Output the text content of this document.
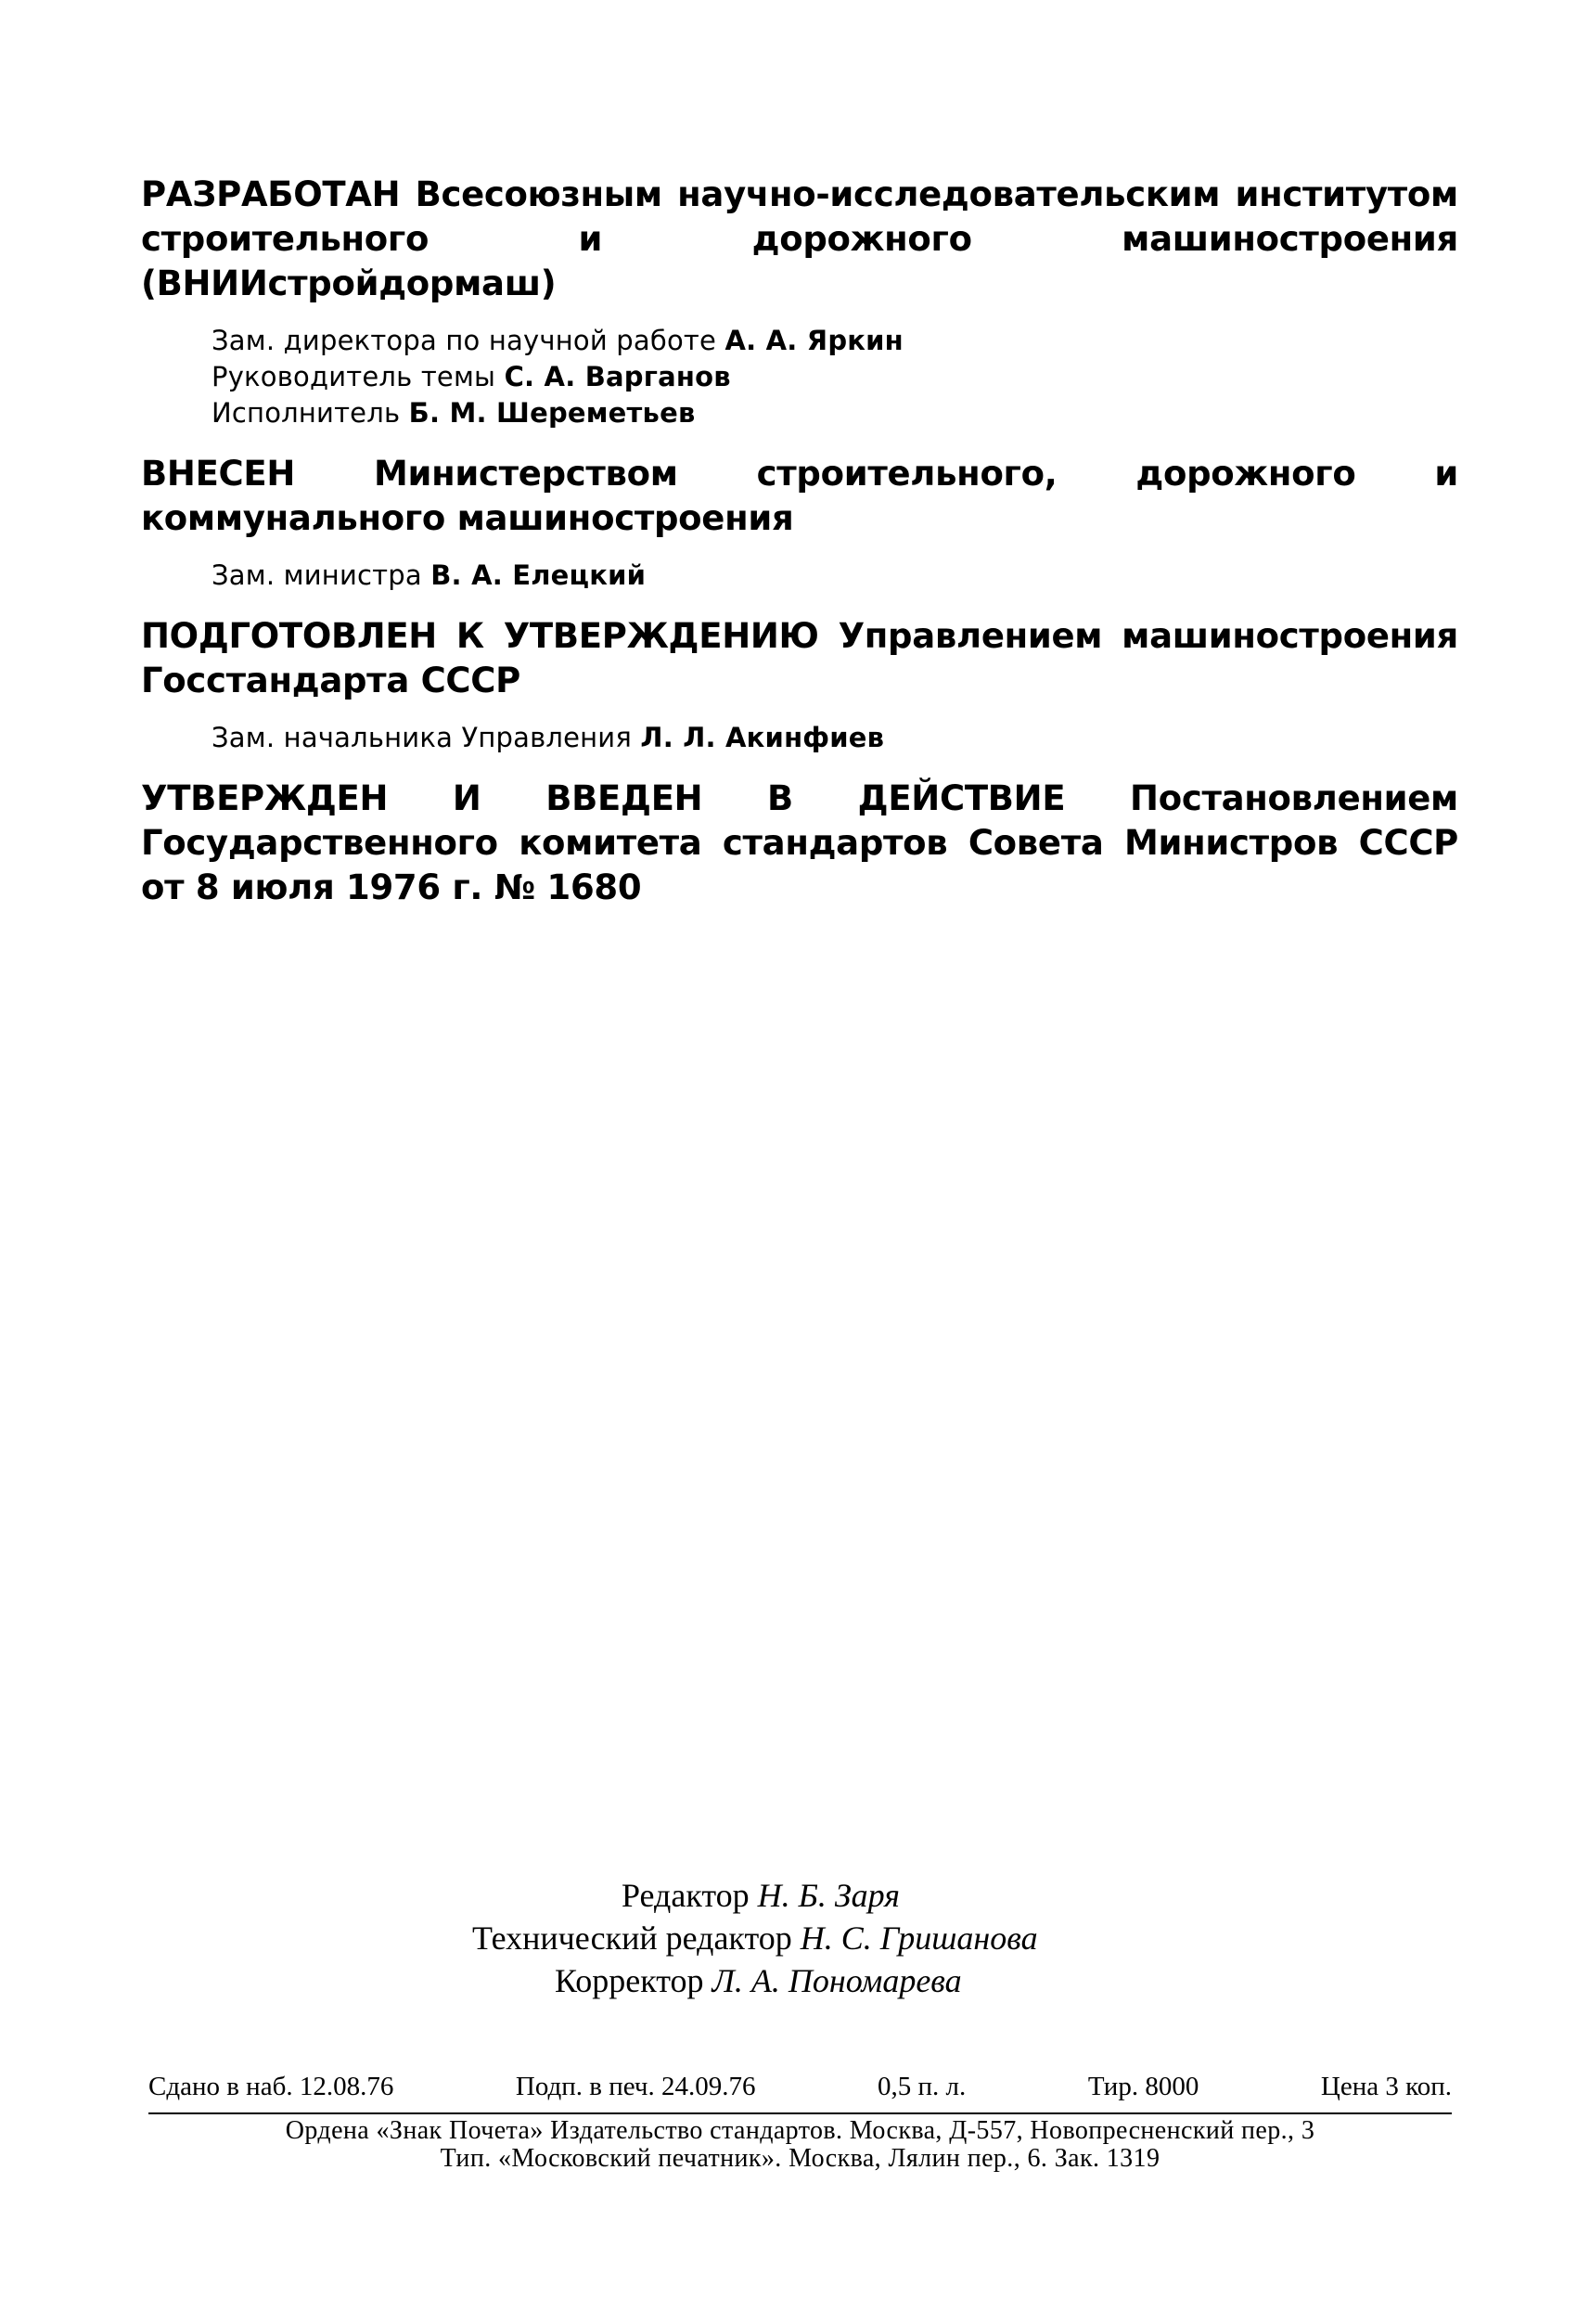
РАЗРАБОТАН Всесоюзным научно-исследовательским институтом строительного и дорожного машиностроения (ВНИИстройдормаш)
Зам. директора по научной работе А. А. Яркин
Руководитель темы С. А. Варганов
Исполнитель Б. М. Шереметьев
ВНЕСЕН Министерством строительного, дорожного и коммунального машиностроения
Зам. министра В. А. Елецкий
ПОДГОТОВЛЕН К УТВЕРЖДЕНИЮ Управлением машиностроения Госстандарта СССР
Зам. начальника Управления Л. Л. Акинфиев
УТВЕРЖДЕН И ВВЕДЕН В ДЕЙСТВИЕ Постановлением Государственного комитета стандартов Совета Министров СССР от 8 июля 1976 г. № 1680
Редактор Н. Б. Заря
Технический редактор Н. С. Гришанова
Корректор Л. А. Пономарева
Сдано в наб. 12.08.76	Подп. в печ. 24.09.76	0,5 п. л.	Тир. 8000	Цена 3 коп.
Ордена «Знак Почета» Издательство стандартов. Москва, Д-557, Новопресненский пер., 3
Тип. «Московский печатник». Москва, Лялин пер., 6. Зак. 1319
